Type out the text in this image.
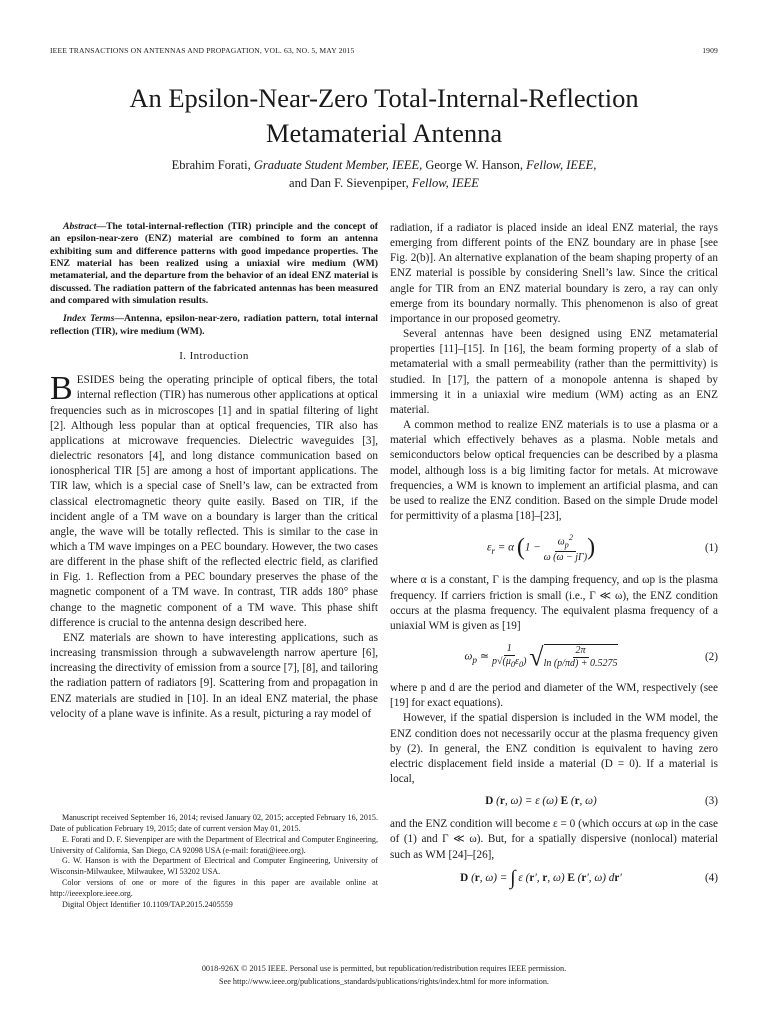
IEEE TRANSACTIONS ON ANTENNAS AND PROPAGATION, VOL. 63, NO. 5, MAY 2015	1909
An Epsilon-Near-Zero Total-Internal-Reflection
Metamaterial Antenna
Ebrahim Forati, Graduate Student Member, IEEE, George W. Hanson, Fellow, IEEE,
and Dan F. Sievenpiper, Fellow, IEEE

Abstract—The total-internal-reflection (TIR) principle and the concept of an epsilon-near-zero (ENZ) material are combined to form an antenna exhibiting sum and difference patterns with good impedance properties. The ENZ material has been realized using a uniaxial wire medium (WM) metamaterial, and the departure from the behavior of an ideal ENZ material is discussed. The radiation pattern of the fabricated antennas has been measured and compared with simulation results.

Index Terms—Antenna, epsilon-near-zero, radiation pattern, total internal reflection (TIR), wire medium (WM).

I. Introduction

BESIDES being the operating principle of optical fibers, the total internal reflection (TIR) has numerous other applications at optical frequencies such as in microscopes [1] and in spatial filtering of light [2]. Although less popular than at optical frequencies, TIR also has applications at microwave frequencies. Dielectric waveguides [3], dielectric resonators [4], and long distance communication based on ionospherical TIR [5] are among a host of important applications. The TIR law, which is a special case of Snell’s law, can be extracted from classical electromagnetic theory quite easily. Based on TIR, if the incident angle of a TM wave on a boundary is larger than the critical angle, the wave will be totally reflected. This is similar to the case in which a TM wave impinges on a PEC boundary. However, the two cases are different in the phase shift of the reflected electric field, as clarified in Fig. 1. Reflection from a PEC boundary preserves the phase of the magnetic component of a TM wave. In contrast, TIR adds 180° phase change to the magnetic component of a TM wave. This phase shift difference is crucial to the antenna design described here.

ENZ materials are shown to have interesting applications, such as increasing transmission through a subwavelength narrow aperture [6], increasing the directivity of emission from a source [7], [8], and tailoring the radiation pattern of radiators [9]. Scattering from and propagation in ENZ materials are studied in [10]. In an ideal ENZ material, the phase velocity of a plane wave is infinite. As a result, picturing a ray model of

Manuscript received September 16, 2014; revised January 02, 2015; accepted February 16, 2015. Date of publication February 19, 2015; date of current version May 01, 2015.

E. Forati and D. F. Sievenpiper are with the Department of Electrical and Computer Engineering, University of California, San Diego, CA 92098 USA (e-mail: forati@ieee.org).

G. W. Hanson is with the Department of Electrical and Computer Engineering, University of Wisconsin-Milwaukee, Milwaukee, WI 53202 USA.

Color versions of one or more of the figures in this paper are available online at http://ieeexplore.ieee.org.

Digital Object Identifier 10.1109/TAP.2015.2405559

radiation, if a radiator is placed inside an ideal ENZ material, the rays emerging from different points of the ENZ boundary are in phase [see Fig. 2(b)]. An alternative explanation of the beam shaping property of an ENZ material is possible by considering Snell’s law. Since the critical angle for TIR from an ENZ material boundary is zero, a ray can only emerge from its boundary normally. This phenomenon is also of great importance in our proposed geometry.

Several antennas have been designed using ENZ metamaterial properties [11]–[15]. In [16], the beam forming property of a slab of metamaterial with a small permeability (rather than the permittivity) is studied. In [17], the pattern of a monopole antenna is shaped by immersing it in a uniaxial wire medium (WM) acting as an ENZ material.

A common method to realize ENZ materials is to use a plasma or a material which effectively behaves as a plasma. Noble metals and semiconductors below optical frequencies can be described by a plasma model, although loss is a big limiting factor for metals. At microwave frequencies, a WM is known to implement an artificial plasma, and can be used to realize the ENZ condition. Based on the simple Drude model for permittivity of a plasma [18]–[23],

$\varepsilon_r = \alpha$ ($1 - \frac{\omega_p^2}{\omega (\omega - j\Gamma)}$ )	(1)

where α is a constant, Γ is the damping frequency, and ωp is the plasma frequency. If carriers friction is small (i.e., Γ ≪ ω), the ENZ condition occurs at the plasma frequency. The equivalent plasma frequency of a uniaxial WM is given as [19]

$\omega_p$ ≃ $\frac{1}{p√(\mu_0\varepsilon_0)}$ √ $\frac{2\pi}{\ln (p/\pi d) + 0.5275}$	(2)

where p and d are the period and diameter of the WM, respectively (see [19] for exact equations).

However, if the spatial dispersion is included in the WM model, the ENZ condition does not necessarily occur at the plasma frequency given by (2). In general, the ENZ condition is equivalent to having zero electric displacement field inside a material (D = 0). If a material is local,

D (r, ω) = ε (ω) E (r, ω)	(3)

and the ENZ condition will become ε = 0 (which occurs at ωp in the case of (1) and Γ ≪ ω). But, for a spatially dispersive (nonlocal) material such as WM [24]–[26],

D (r, ω) = ∫ ε (r′, r, ω) E (r′, ω) dr′	(4)
0018-926X © 2015 IEEE. Personal use is permitted, but republication/redistribution requires IEEE permission.
See http://www.ieee.org/publications_standards/publications/rights/index.html for more information.
